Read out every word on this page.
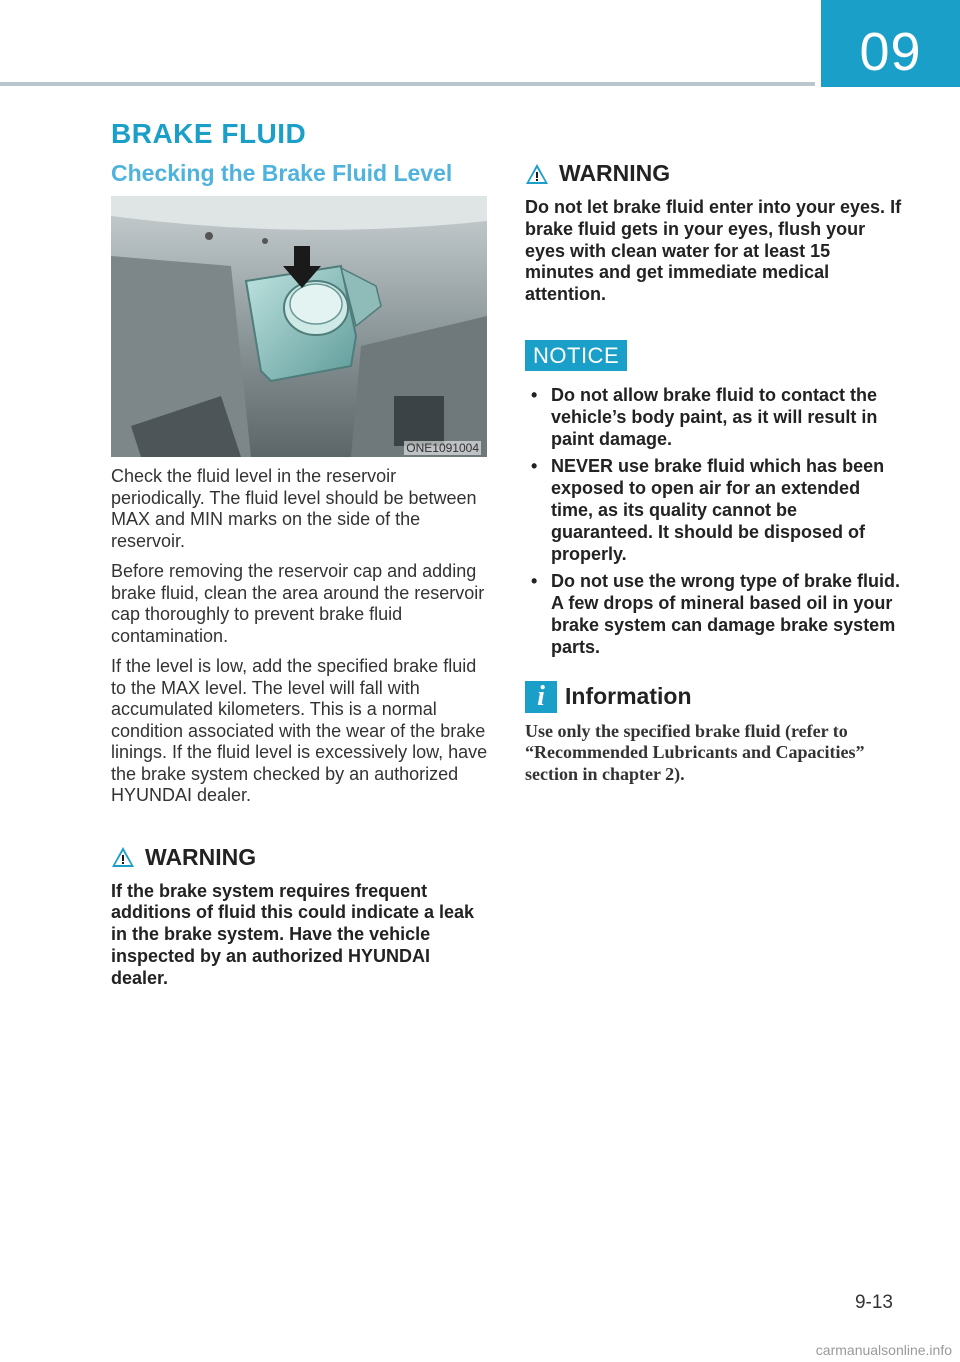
09
BRAKE FLUID
Checking the Brake Fluid Level
ONE1091004

Check the fluid level in the reservoir periodically. The fluid level should be between MAX and MIN marks on the side of the reservoir.

Before removing the reservoir cap and adding brake fluid, clean the area around the reservoir cap thoroughly to prevent brake fluid contamination.

If the level is low, add the specified brake fluid to the MAX level. The level will fall with accumulated kilometers. This is a normal condition associated with the wear of the brake linings. If the fluid level is excessively low, have the brake system checked by an authorized HYUNDAI dealer.

WARNING

If the brake system requires frequent additions of fluid this could indicate a leak in the brake system. Have the vehicle inspected by an authorized HYUNDAI dealer.

WARNING

Do not let brake fluid enter into your eyes. If brake fluid gets in your eyes, flush your eyes with clean water for at least 15 minutes and get immediate medical attention.

NOTICE
• Do not allow brake fluid to contact the vehicle’s body paint, as it will result in paint damage.
• NEVER use brake fluid which has been exposed to open air for an extended time, as its quality cannot be guaranteed. It should be disposed of properly.
• Do not use the wrong type of brake fluid. A few drops of mineral based oil in your brake system can damage brake system parts.
i Information

Use only the specified brake fluid (refer to “Recommended Lubricants and Capacities” section in chapter 2).

9-13
carmanualsonline.info
